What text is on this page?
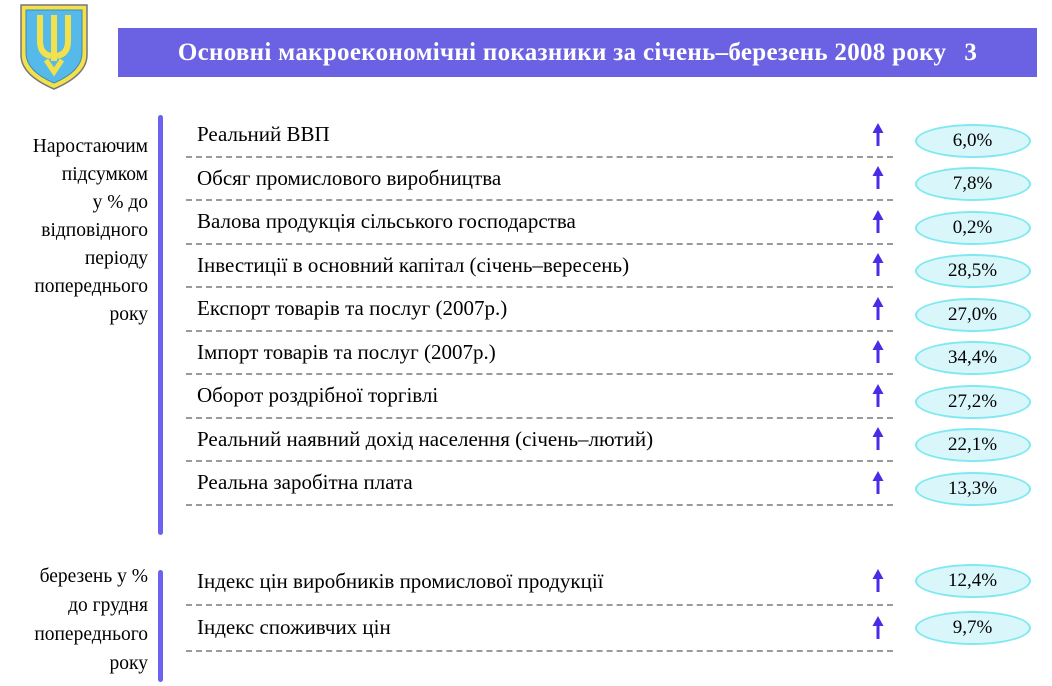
Основні макроекономічні показники за січень–березень 2008 року 3
Наростаючим
підсумком
у % до
відповідного
періоду
попереднього
року
Реальний ВВП	6,0%
Обсяг промислового виробництва	7,8%
Валова продукція сільського господарства	0,2%
Інвестиції в основний капітал (січень–вересень)	28,5%
Експорт товарів та послуг (2007р.)	27,0%
Імпорт товарів та послуг (2007р.)	34,4%
Оборот роздрібної торгівлі	27,2%
Реальний наявний дохід населення (січень–лютий)	22,1%
Реальна заробітна плата	13,3%
березень у %
до грудня
попереднього
року
Індекс цін виробників промислової продукції	12,4%
Індекс споживчих цін	9,7%
